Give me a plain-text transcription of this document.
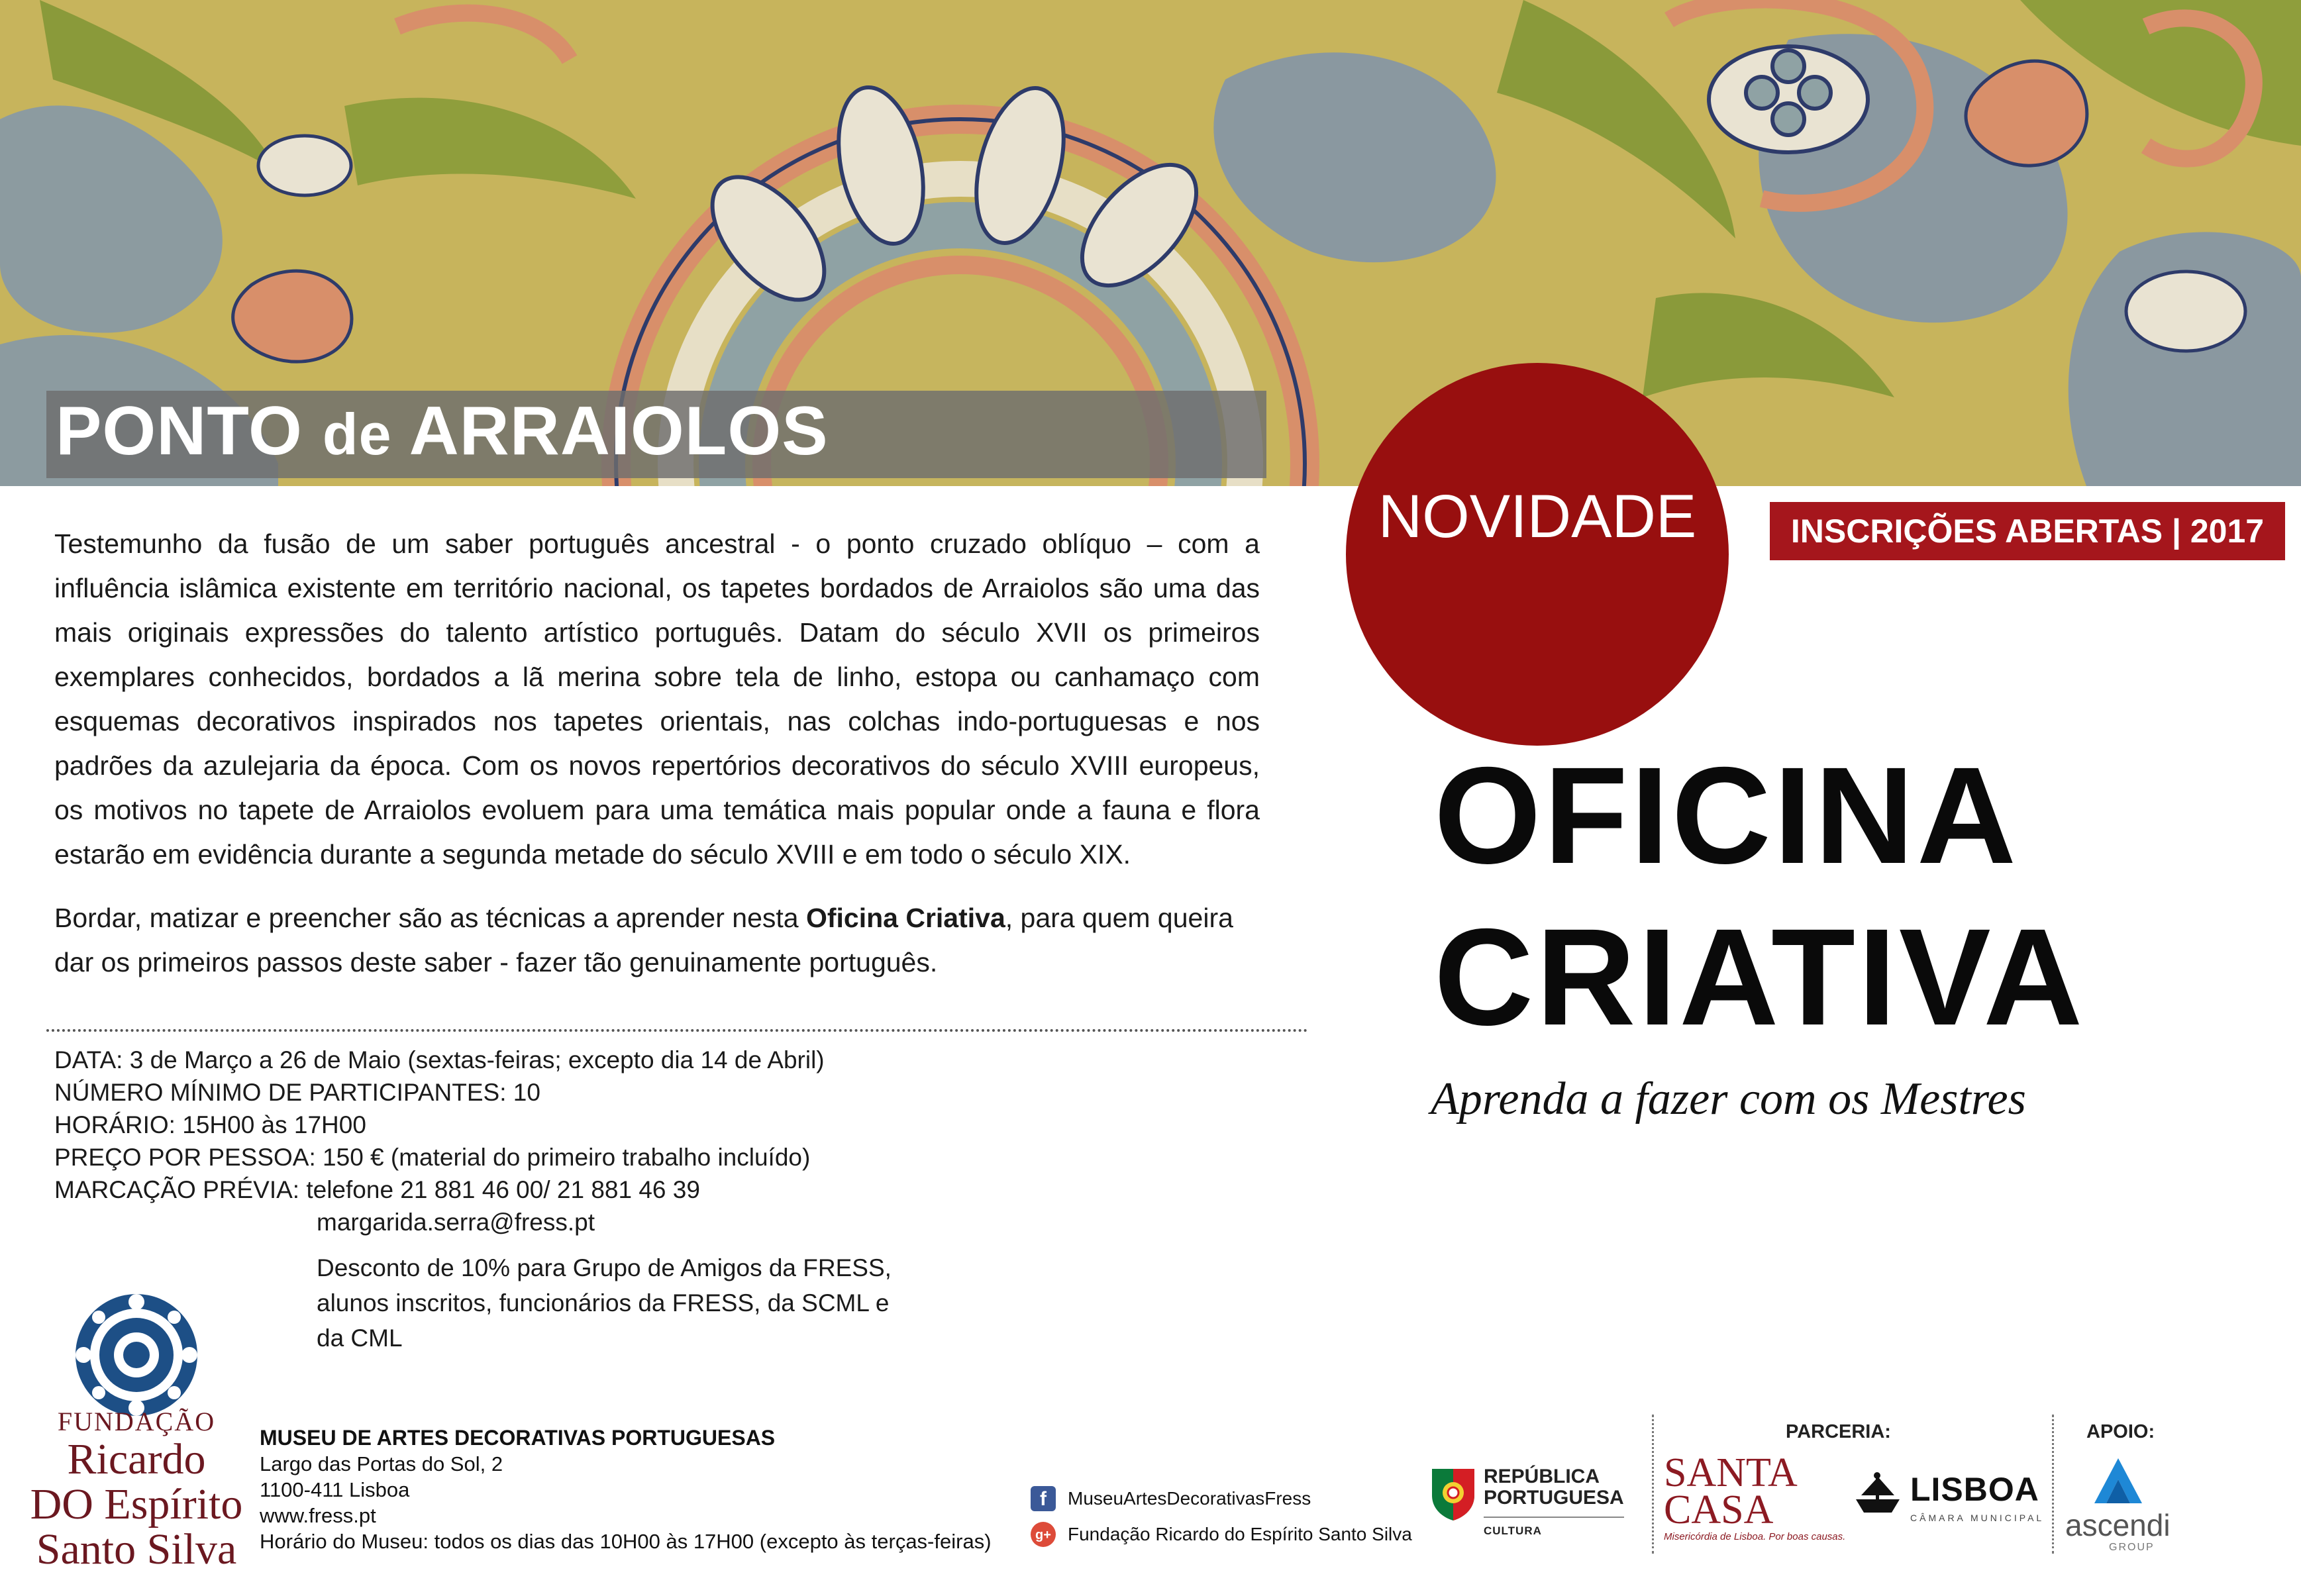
PONTO de ARRAIOLOS
NOVIDADE	INSCRIÇÕES ABERTAS | 2017
OFICINA
CRIATIVA
Aprenda a fazer com os Mestres

Testemunho da fusão de um saber português ancestral - o ponto cruzado oblíquo – com a influência islâmica existente em território nacional, os tapetes bordados de Arraiolos são uma das mais originais expressões do talento artístico português. Datam do século XVII os primeiros exemplares conhecidos, bordados a lã merina sobre tela de linho, estopa ou canhamaço com esquemas decorativos inspirados nos tapetes orientais, nas colchas indo-portuguesas e nos padrões da azulejaria da época. Com os novos repertórios decorativos do século XVIII europeus, os motivos no tapete de Arraiolos evoluem para uma temática mais popular onde a fauna e flora estarão em evidência durante a segunda metade do século XVIII e em todo o século XIX.

Bordar, matizar e preencher são as técnicas a aprender nesta Oficina Criativa, para quem queira dar os primeiros passos deste saber - fazer tão genuinamente português.

DATA: 3 de Março a 26 de Maio (sextas-feiras; excepto dia 14 de Abril)
NÚMERO MÍNIMO DE PARTICIPANTES: 10
HORÁRIO: 15H00 às 17H00
PREÇO POR PESSOA: 150 € (material do primeiro trabalho incluído)
MARCAÇÃO PRÉVIA: telefone 21 881 46 00/ 21 881 46 39
margarida.serra@fress.pt
Desconto de 10% para Grupo de Amigos da FRESS,
alunos inscritos, funcionários da FRESS, da SCML e
da CML
FUNDAÇÃO
Ricardo
DO Espírito
Santo Silva
MUSEU DE ARTES DECORATIVAS PORTUGUESAS
Largo das Portas do Sol, 2
1100-411 Lisboa
www.fress.pt
Horário do Museu: todos os dias das 10H00 às 17H00 (excepto às terças-feiras)
f	MuseuArtesDecorativasFress
g+ Fundação Ricardo do Espírito Santo Silva
PARCERIA:	APOIO:
REPÚBLICA
PORTUGUESA
CULTURA
SANTA
CASA
Misericórdia de Lisboa. Por boas causas.
LISBOA
CÂMARA MUNICIPAL ascendi
GROUP
